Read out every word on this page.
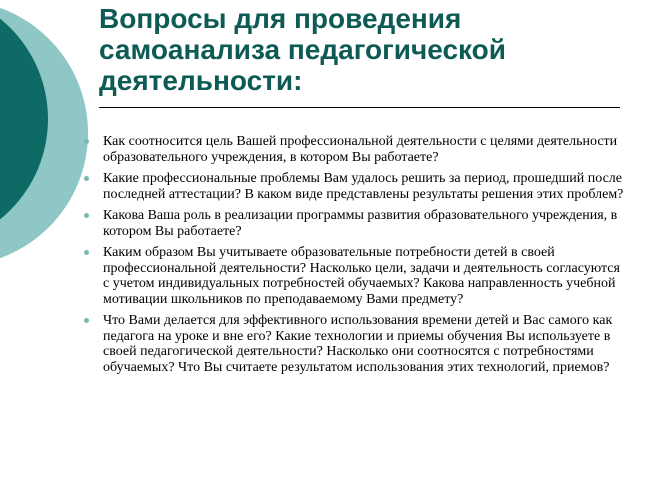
Вопросы для проведения самоанализа педагогической деятельности:
Как соотносится цель Вашей профессиональной деятельности с целями деятельности образовательного учреждения, в котором Вы работаете?
Какие профессиональные проблемы Вам удалось решить за период, прошедший после последней аттестации? В каком виде представлены результаты решения этих проблем?
Какова Ваша роль в реализации программы развития образовательного учреждения, в котором Вы работаете?
Каким образом Вы учитываете образовательные потребности детей в своей профессиональной деятельности? Насколько цели, задачи и деятельность согласуются с учетом индивидуальных потребностей обучаемых? Какова направленность учебной мотивации школьников по преподаваемому Вами предмету?
Что Вами делается для эффективного использования времени детей и Вас самого как педагога на уроке и вне его? Какие технологии и приемы обучения Вы используете в своей педагогической деятельности? Насколько они соотносятся с потребностями обучаемых? Что Вы считаете результатом использования этих технологий, приемов?
